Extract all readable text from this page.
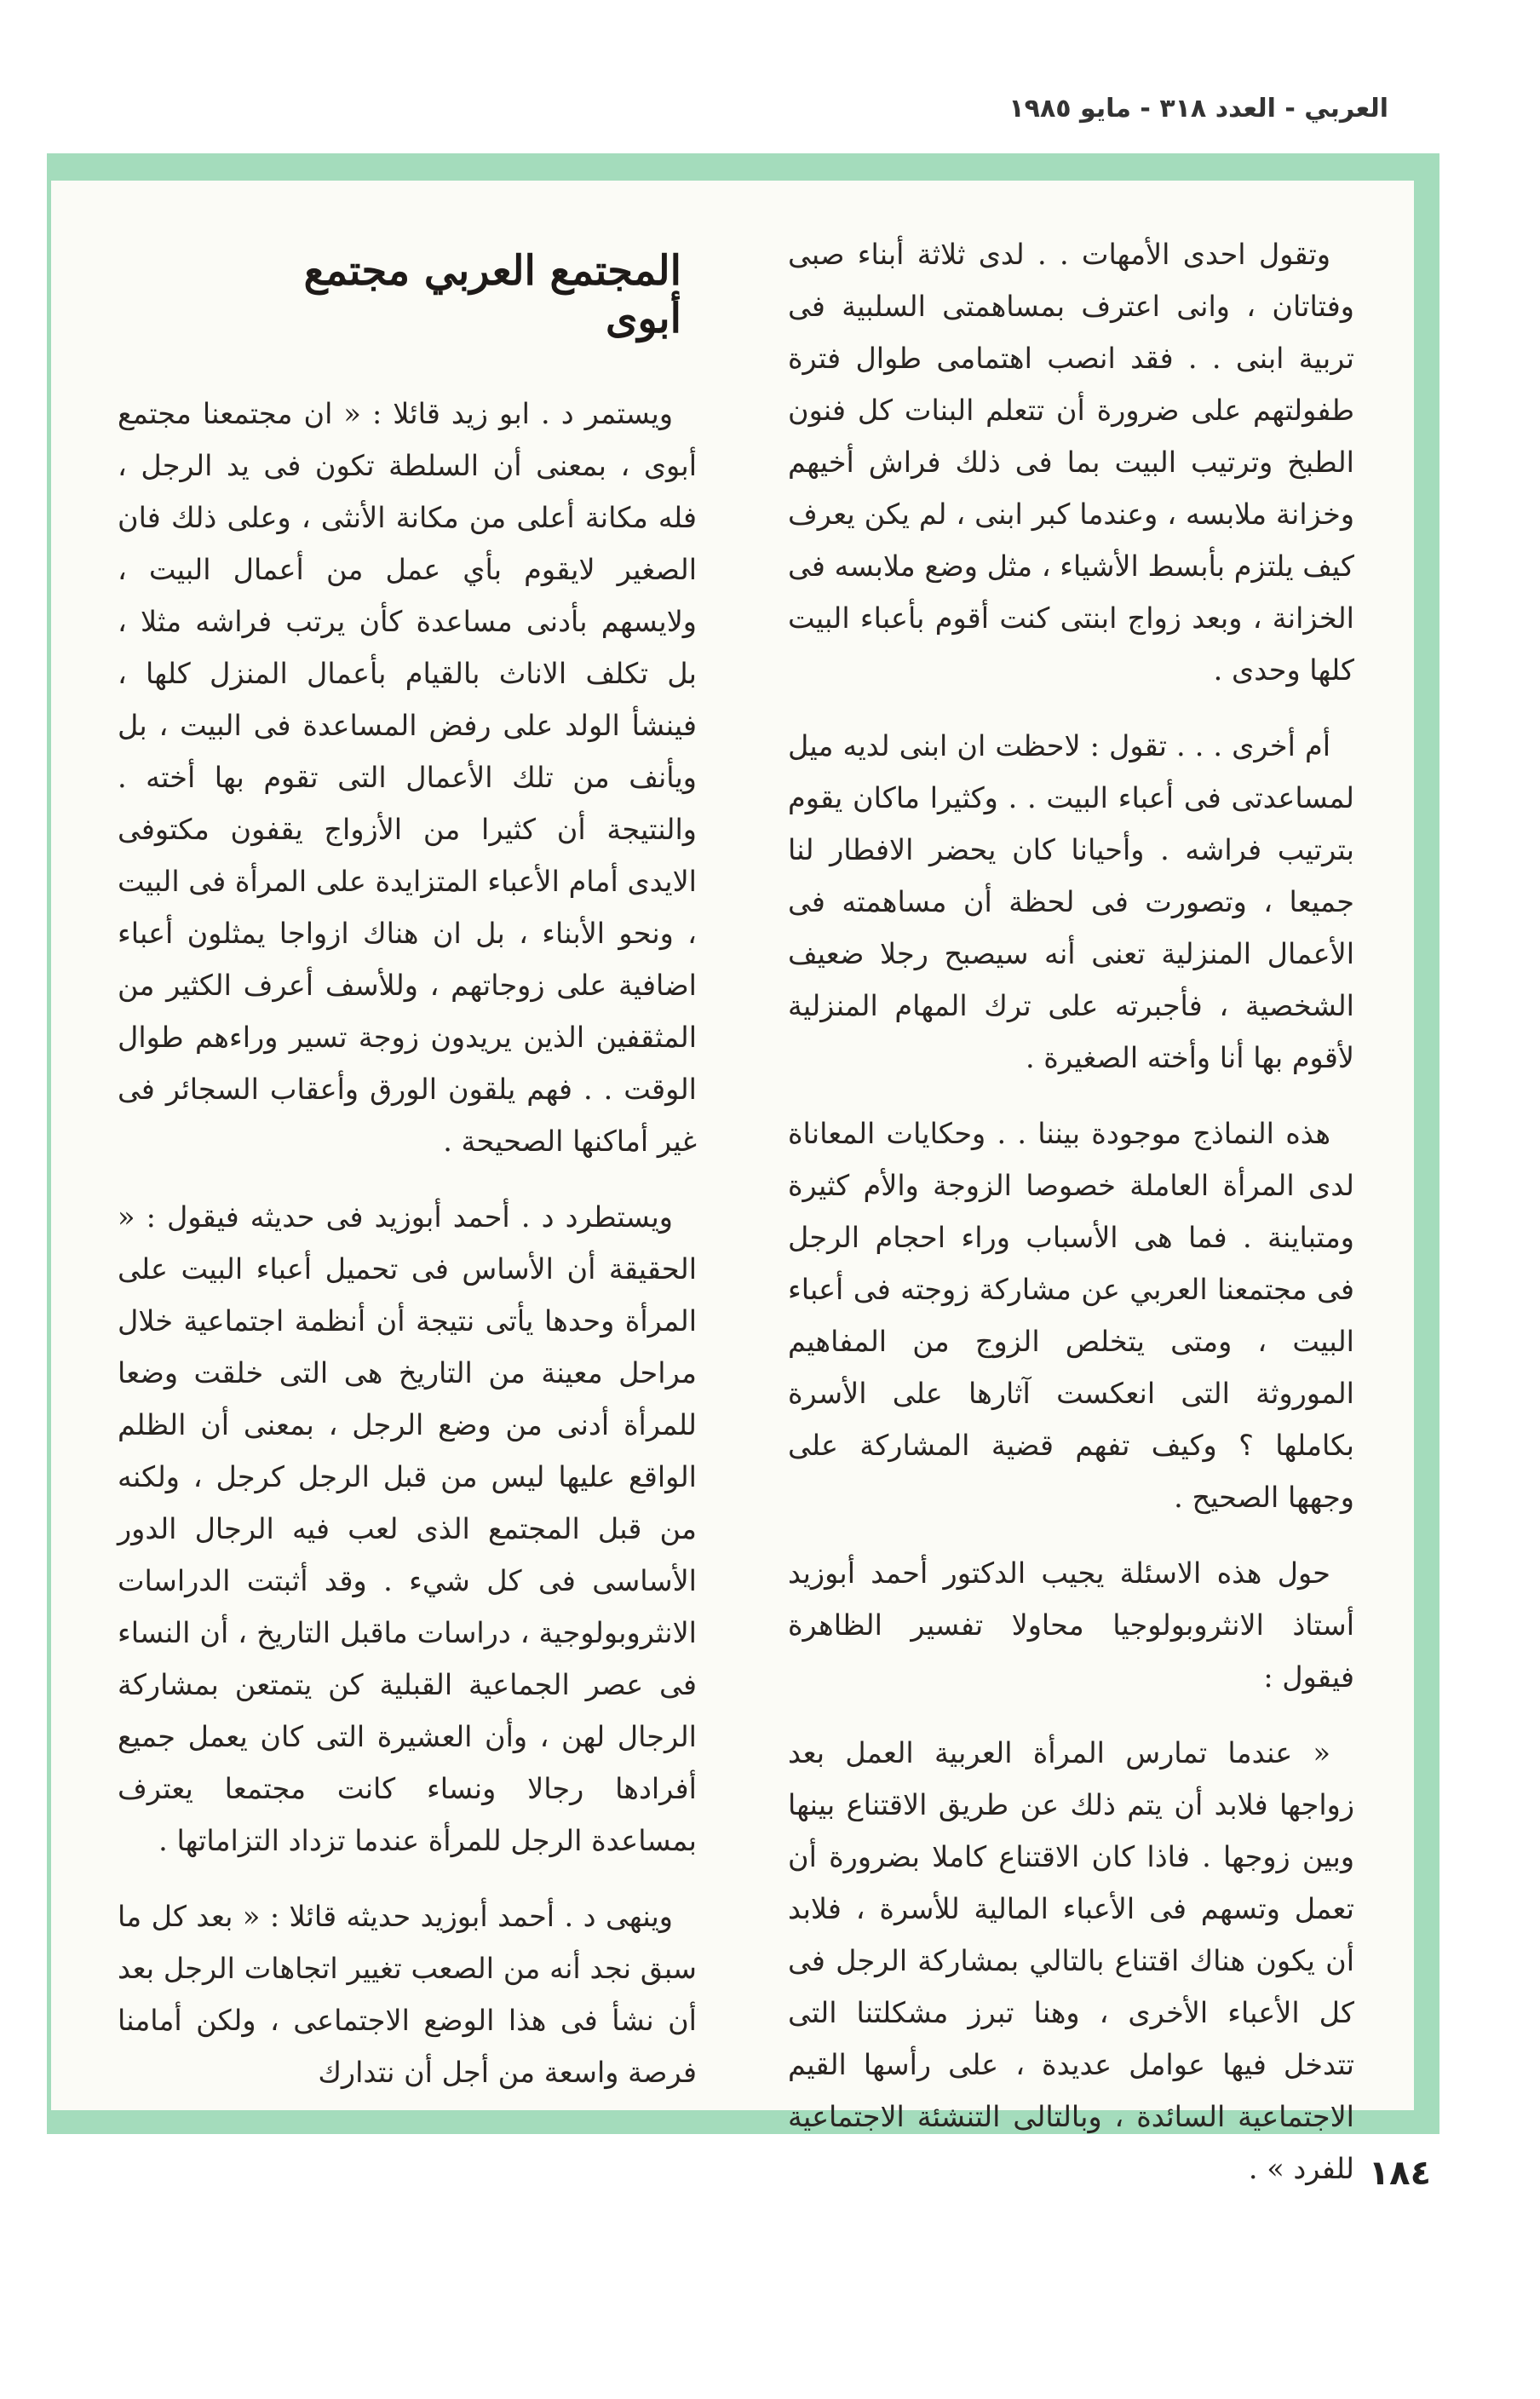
العربي - العدد ٣١٨ - مايو ١٩٨٥

وتقول احدى الأمهات . . لدى ثلاثة أبناء صبى وفتاتان ، وانى اعترف بمساهمتى السلبية فى تربية ابنى . . فقد انصب اهتمامى طوال فترة طفولتهم على ضرورة أن تتعلم البنات كل فنون الطبخ وترتيب البيت بما فى ذلك فراش أخيهم وخزانة ملابسه ، وعندما كبر ابنى ، لم يكن يعرف كيف يلتزم بأبسط الأشياء ، مثل وضع ملابسه فى الخزانة ، وبعد زواج ابنتى كنت أقوم بأعباء البيت كلها وحدى .

أم أخرى . . . تقول : لاحظت ان ابنى لديه ميل لمساعدتى فى أعباء البيت . . وكثيرا ماكان يقوم بترتيب فراشه . وأحيانا كان يحضر الافطار لنا جميعا ، وتصورت فى لحظة أن مساهمته فى الأعمال المنزلية تعنى أنه سيصبح رجلا ضعيف الشخصية ، فأجبرته على ترك المهام المنزلية لأقوم بها أنا وأخته الصغيرة .

هذه النماذج موجودة بيننا . . وحكايات المعاناة لدى المرأة العاملة خصوصا الزوجة والأم كثيرة ومتباينة . فما هى الأسباب وراء احجام الرجل فى مجتمعنا العربي عن مشاركة زوجته فى أعباء البيت ، ومتى يتخلص الزوج من المفاهيم الموروثة التى انعكست آثارها على الأسرة بكاملها ؟ وكيف تفهم قضية المشاركة على وجهها الصحيح .

حول هذه الاسئلة يجيب الدكتور أحمد أبوزيد أستاذ الانثروبولوجيا محاولا تفسير الظاهرة فيقول :

« عندما تمارس المرأة العربية العمل بعد زواجها فلابد أن يتم ذلك عن طريق الاقتناع بينها وبين زوجها . فاذا كان الاقتناع كاملا بضرورة أن تعمل وتسهم فى الأعباء المالية للأسرة ، فلابد أن يكون هناك اقتناع بالتالي بمشاركة الرجل فى كل الأعباء الأخرى ، وهنا تبرز مشكلتنا التى تتدخل فيها عوامل عديدة ، على رأسها القيم الاجتماعية السائدة ، وبالتالى التنشئة الاجتماعية للفرد » .

المجتمع العربي مجتمع أبوى

ويستمر د . ابو زيد قائلا : « ان مجتمعنا مجتمع أبوى ، بمعنى أن السلطة تكون فى يد الرجل ، فله مكانة أعلى من مكانة الأنثى ، وعلى ذلك فان الصغير لايقوم بأي عمل من أعمال البيت ، ولايسهم بأدنى مساعدة كأن يرتب فراشه مثلا ، بل تكلف الاناث بالقيام بأعمال المنزل كلها ، فينشأ الولد على رفض المساعدة فى البيت ، بل ويأنف من تلك الأعمال التى تقوم بها أخته . والنتيجة أن كثيرا من الأزواج يقفون مكتوفى الايدى أمام الأعباء المتزايدة على المرأة فى البيت ، ونحو الأبناء ، بل ان هناك ازواجا يمثلون أعباء اضافية على زوجاتهم ، وللأسف أعرف الكثير من المثقفين الذين يريدون زوجة تسير وراءهم طوال الوقت . . فهم يلقون الورق وأعقاب السجائر فى غير أماكنها الصحيحة .

ويستطرد د . أحمد أبوزيد فى حديثه فيقول : « الحقيقة أن الأساس فى تحميل أعباء البيت على المرأة وحدها يأتى نتيجة أن أنظمة اجتماعية خلال مراحل معينة من التاريخ هى التى خلقت وضعا للمرأة أدنى من وضع الرجل ، بمعنى أن الظلم الواقع عليها ليس من قبل الرجل كرجل ، ولكنه من قبل المجتمع الذى لعب فيه الرجال الدور الأساسى فى كل شيء . وقد أثبتت الدراسات الانثروبولوجية ، دراسات ماقبل التاريخ ، أن النساء فى عصر الجماعية القبلية كن يتمتعن بمشاركة الرجال لهن ، وأن العشيرة التى كان يعمل جميع أفرادها رجالا ونساء كانت مجتمعا يعترف بمساعدة الرجل للمرأة عندما تزداد التزاماتها .

وينهى د . أحمد أبوزيد حديثه قائلا : « بعد كل ما سبق نجد أنه من الصعب تغيير اتجاهات الرجل بعد أن نشأ فى هذا الوضع الاجتماعى ، ولكن أمامنا فرصة واسعة من أجل أن نتدارك

١٨٤
